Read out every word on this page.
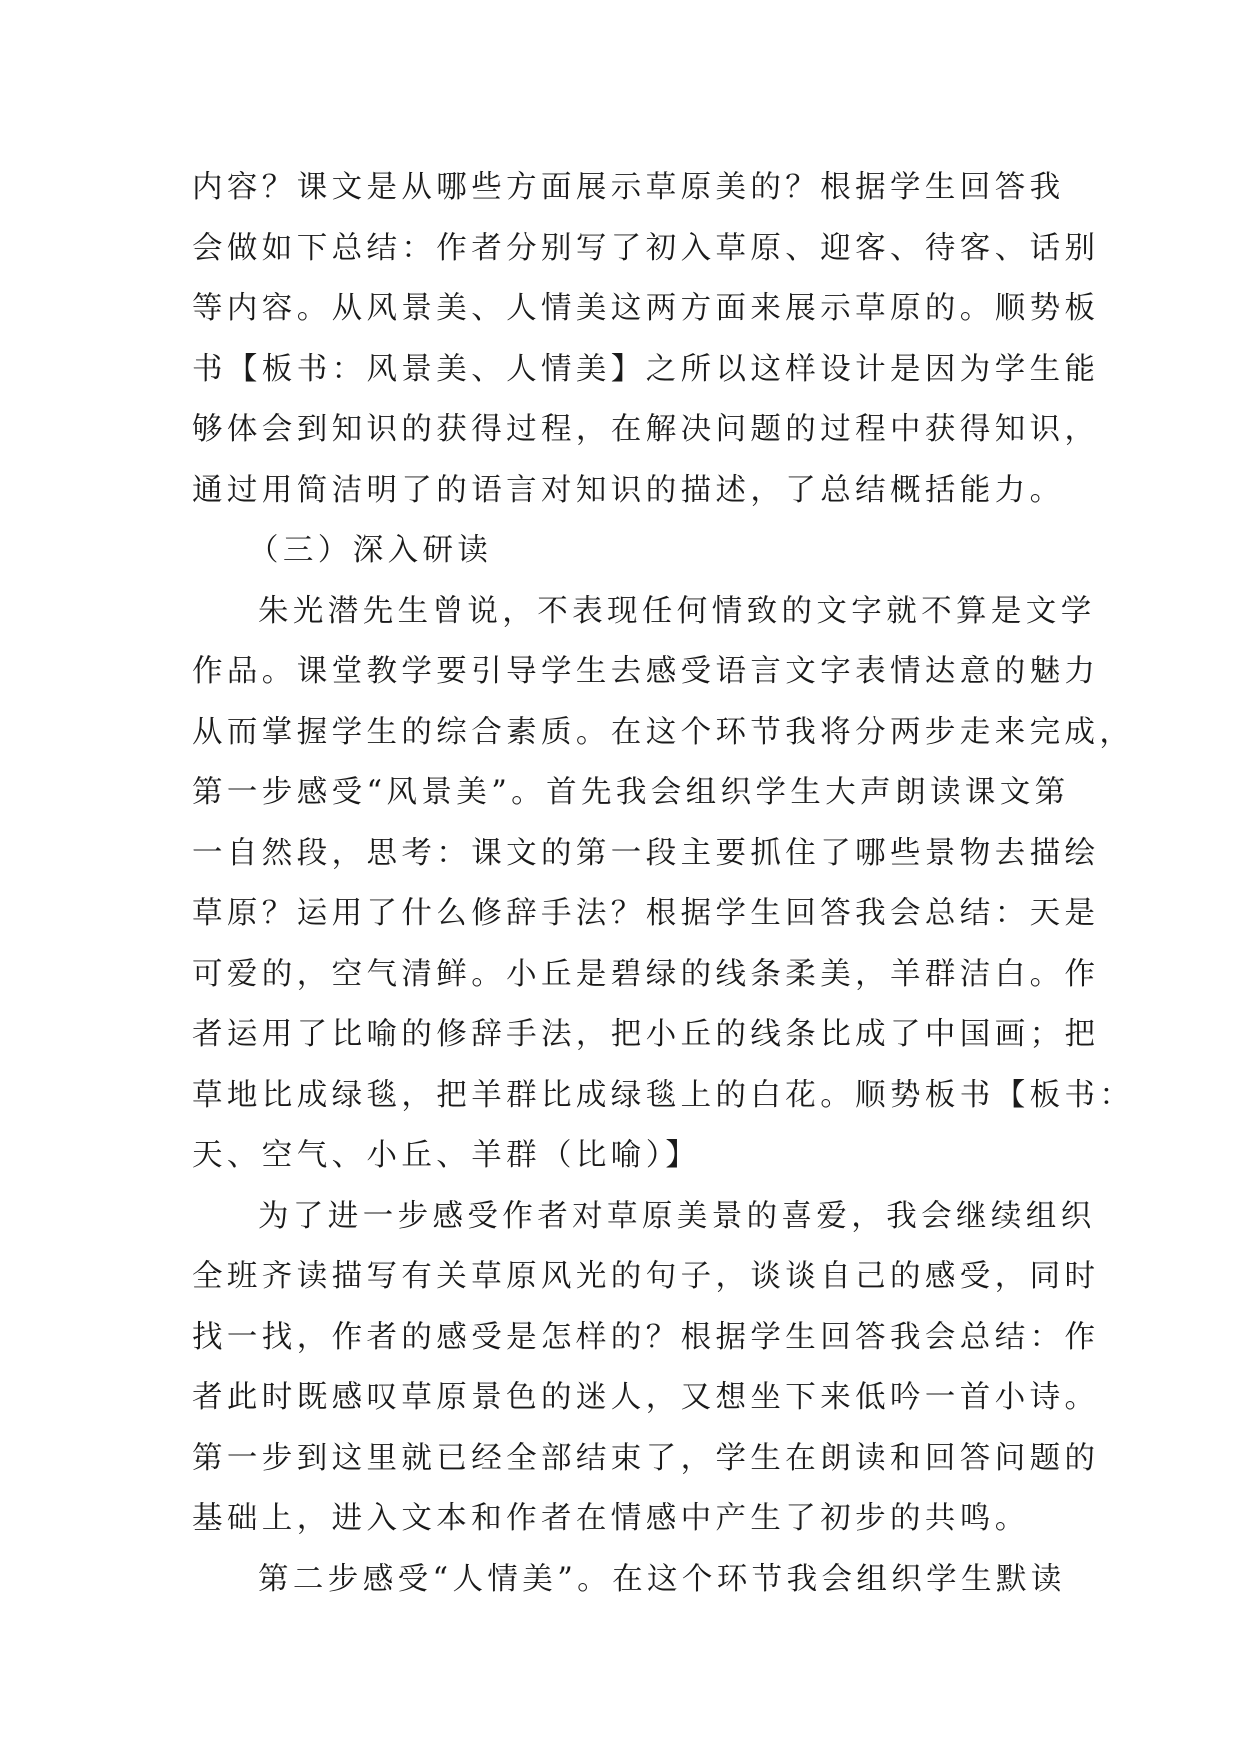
内容？课文是从哪些方面展示草原美的？根据学生回答我
会做如下总结：作者分别写了初入草原、迎客、待客、话别
等内容。从风景美、人情美这两方面来展示草原的。顺势板
书【板书：风景美、人情美】之所以这样设计是因为学生能
够体会到知识的获得过程，在解决问题的过程中获得知识，
通过用简洁明了的语言对知识的描述，了总结概括能力。
（三）深入研读
朱光潜先生曾说，不表现任何情致的文字就不算是文学
作品。课堂教学要引导学生去感受语言文字表情达意的魅力
从而掌握学生的综合素质。在这个环节我将分两步走来完成，
第一步感受“风景美”。首先我会组织学生大声朗读课文第
一自然段，思考：课文的第一段主要抓住了哪些景物去描绘
草原？运用了什么修辞手法？根据学生回答我会总结：天是
可爱的，空气清鲜。小丘是碧绿的线条柔美，羊群洁白。作
者运用了比喻的修辞手法，把小丘的线条比成了中国画；把
草地比成绿毯，把羊群比成绿毯上的白花。顺势板书【板书：
天、空气、小丘、羊群（比喻）】
为了进一步感受作者对草原美景的喜爱，我会继续组织
全班齐读描写有关草原风光的句子，谈谈自己的感受，同时
找一找，作者的感受是怎样的？根据学生回答我会总结：作
者此时既感叹草原景色的迷人，又想坐下来低吟一首小诗。
第一步到这里就已经全部结束了，学生在朗读和回答问题的
基础上，进入文本和作者在情感中产生了初步的共鸣。
第二步感受“人情美”。在这个环节我会组织学生默读
